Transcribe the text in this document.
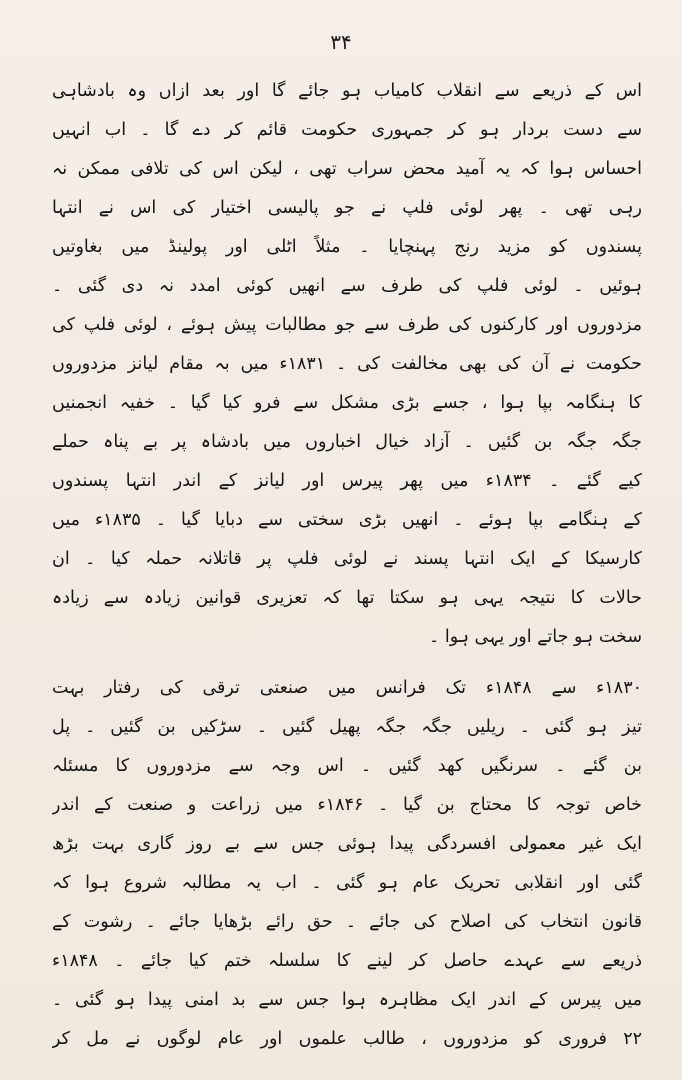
۳۴
اس کے ذریعے سے انقلاب کامیاب ہو جائے گا اور بعد ازاں وہ بادشاہی
سے دست بردار ہو کر جمہوری حکومت قائم کر دے گا ۔ اب انہیں
احساس ہوا کہ یہ آمید محض سراب تھی ، لیکن اس کی تلافی ممکن نہ
رہی تھی ۔ پھر لوئی فلپ نے جو پالیسی اختیار کی اس نے انتہا
پسندوں کو مزید رنج پہنچایا ۔ مثلاً اٹلی اور پولینڈ میں بغاوتیں
ہوئیں ۔ لوئی فلپ کی طرف سے انھیں کوئی امدد نہ دی گئی ۔
مزدوروں اور کارکنوں کی طرف سے جو مطالبات پیش ہوئے ، لوئی فلپ کی
حکومت نے آن کی بھی مخالفت کی ۔ ۱۸۳۱ء میں بہ مقام لیانز مزدوروں
کا ہنگامہ بپا ہوا ، جسے بڑی مشکل سے فرو کیا گیا ۔ خفیہ انجمنیں
جگہ جگہ بن گئیں ۔ آزاد خیال اخباروں میں بادشاہ پر بے پناہ حملے
کیے گئے ۔ ۱۸۳۴ء میں پھر پیرس اور لیانز کے اندر انتہا پسندوں
کے ہنگامے بپا ہوئے ۔ انھیں بڑی سختی سے دبایا گیا ۔ ۱۸۳۵ء میں
کارسیکا کے ایک انتہا پسند نے لوئی فلپ پر قاتلانہ حملہ کیا ۔ ان
حالات کا نتیجہ یہی ہو سکتا تھا کہ تعزیری قوانین زیادہ سے زیادہ
سخت ہو جاتے اور یہی ہوا ۔
۱۸۳۰ء سے ۱۸۴۸ء تک فرانس میں صنعتی ترقی کی رفتار بہت
تیز ہو گئی ۔ ریلیں جگہ جگہ پھیل گئیں ۔ سڑکیں بن گئیں ۔ پل
بن گئے ۔ سرنگیں کھد گئیں ۔ اس وجہ سے مزدوروں کا مسئلہ
خاص توجہ کا محتاج بن گیا ۔ ۱۸۴۶ء میں زراعت و صنعت کے اندر
ایک غیر معمولی افسردگی پیدا ہوئی جس سے بے روز گاری بہت بڑھ
گئی اور انقلابی تحریک عام ہو گئی ۔ اب یہ مطالبہ شروع ہوا کہ
قانون انتخاب کی اصلاح کی جائے ۔ حق رائے بڑھایا جائے ۔ رشوت کے
ذریعے سے عہدے حاصل کر لینے کا سلسلہ ختم کیا جائے ۔ ۱۸۴۸ء
میں پیرس کے اندر ایک مظاہرہ ہوا جس سے بد امنی پیدا ہو گئی ۔
۲۲ فروری کو مزدوروں ، طالب علموں اور عام لوگوں نے مل کر
